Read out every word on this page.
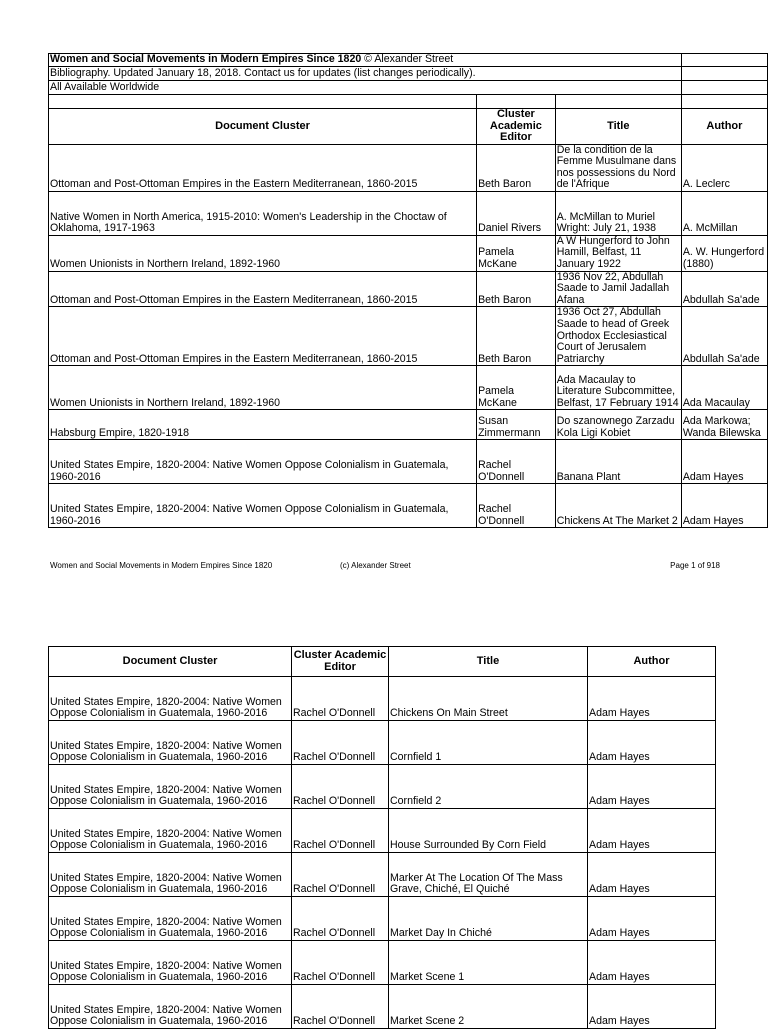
Women and Social Movements in Modern Empires Since 1820 © Alexander Street			
Bibliography. Updated January 18, 2018. Contact us for updates (list changes periodically).			
All Available Worldwide			

Document Cluster	Cluster Academic Editor	Title	Author
Ottoman and Post-Ottoman Empires in the Eastern Mediterranean, 1860-2015	Beth Baron	De la condition de la Femme Musulmane dans nos possessions du Nord de l'Afrique	A. Leclerc
Native Women in North America, 1915-2010: Women's Leadership in the Choctaw of Oklahoma, 1917-1963	Daniel Rivers	A. McMillan to Muriel Wright: July 21, 1938	A. McMillan
Women Unionists in Northern Ireland, 1892-1960	Pamela McKane	A W Hungerford to John Hamill, Belfast, 11 January 1922	A. W. Hungerford (1880)
Ottoman and Post-Ottoman Empires in the Eastern Mediterranean, 1860-2015	Beth Baron	1936 Nov 22, Abdullah Saade to Jamil Jadallah Afana	Abdullah Sa'ade
Ottoman and Post-Ottoman Empires in the Eastern Mediterranean, 1860-2015	Beth Baron	1936 Oct 27, Abdullah Saade to head of Greek Orthodox Ecclesiastical Court of Jerusalem Patriarchy	Abdullah Sa'ade
Women Unionists in Northern Ireland, 1892-1960	Pamela McKane	Ada Macaulay to Literature Subcommittee, Belfast, 17 February 1914	Ada Macaulay
Habsburg Empire, 1820-1918	Susan Zimmermann	Do szanownego Zarzadu Kola Ligi Kobiet	Ada Markowa; Wanda Bilewska
United States Empire, 1820-2004: Native Women Oppose Colonialism in Guatemala, 1960-2016	Rachel O'Donnell	Banana Plant	Adam Hayes
United States Empire, 1820-2004: Native Women Oppose Colonialism in Guatemala, 1960-2016	Rachel O'Donnell	Chickens At The Market 2	Adam Hayes
Women and Social Movements in Modern Empires Since 1820	(c) Alexander Street	Page 1 of 918
Document Cluster	Cluster Academic Editor	Title	Author
United States Empire, 1820-2004: Native Women Oppose Colonialism in Guatemala, 1960-2016	Rachel O'Donnell	Chickens On Main Street	Adam Hayes
United States Empire, 1820-2004: Native Women Oppose Colonialism in Guatemala, 1960-2016	Rachel O'Donnell	Cornfield 1	Adam Hayes
United States Empire, 1820-2004: Native Women Oppose Colonialism in Guatemala, 1960-2016	Rachel O'Donnell	Cornfield 2	Adam Hayes
United States Empire, 1820-2004: Native Women Oppose Colonialism in Guatemala, 1960-2016	Rachel O'Donnell	House Surrounded By Corn Field	Adam Hayes
United States Empire, 1820-2004: Native Women Oppose Colonialism in Guatemala, 1960-2016	Rachel O'Donnell	Marker At The Location Of The Mass Grave, Chiché, El Quiché	Adam Hayes
United States Empire, 1820-2004: Native Women Oppose Colonialism in Guatemala, 1960-2016	Rachel O'Donnell	Market Day In Chiché	Adam Hayes
United States Empire, 1820-2004: Native Women Oppose Colonialism in Guatemala, 1960-2016	Rachel O'Donnell	Market Scene 1	Adam Hayes
United States Empire, 1820-2004: Native Women Oppose Colonialism in Guatemala, 1960-2016	Rachel O'Donnell	Market Scene 2	Adam Hayes
